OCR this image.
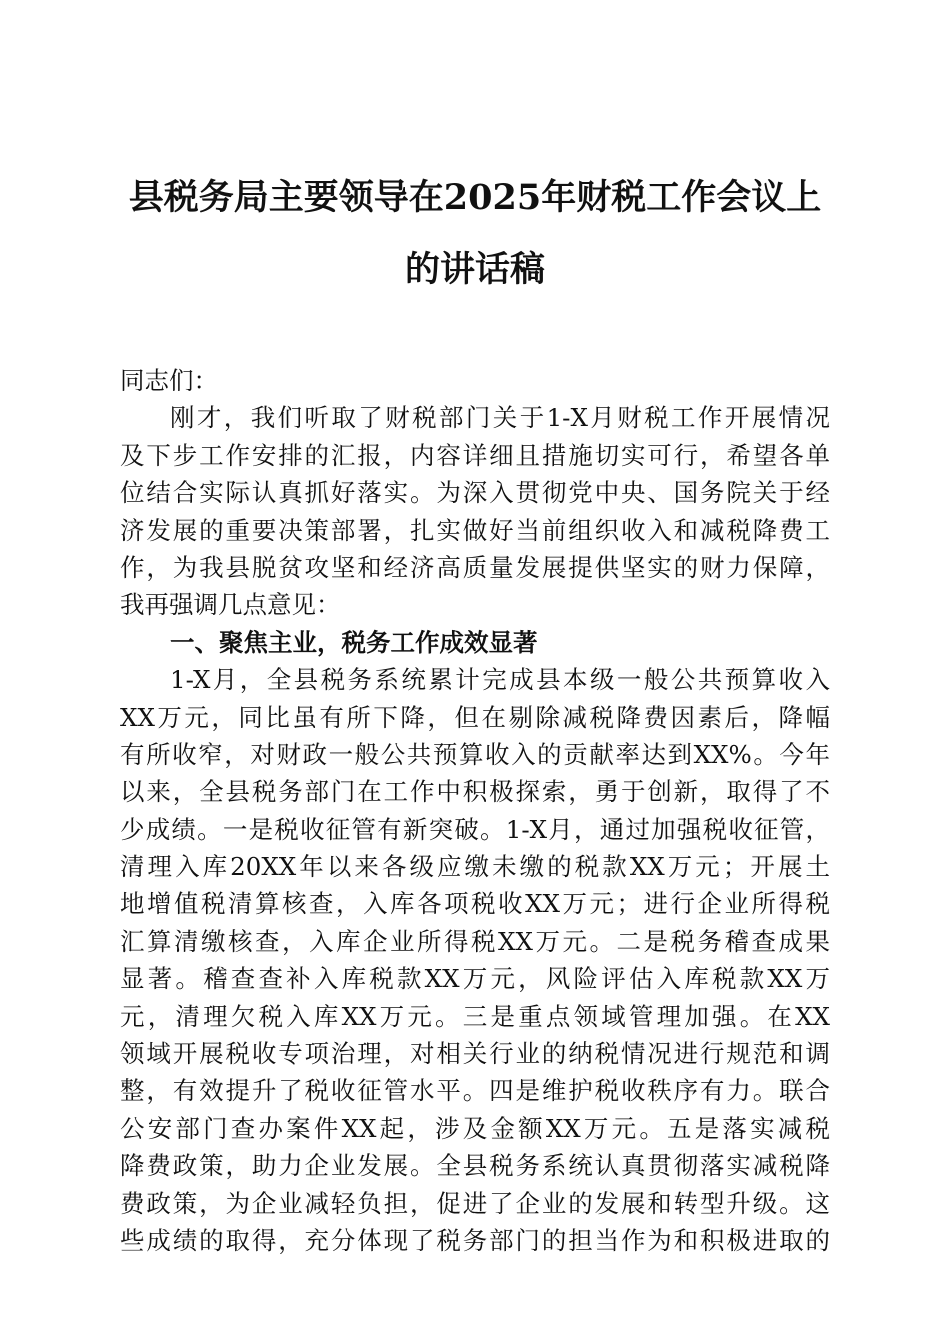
县税务局主要领导在2025年财税工作会议上
的讲话稿
同志们：
刚才，我们听取了财税部门关于1-X月财税工作开展情况
及下步工作安排的汇报，内容详细且措施切实可行，希望各单
位结合实际认真抓好落实。为深入贯彻党中央、国务院关于经
济发展的重要决策部署，扎实做好当前组织收入和减税降费工
作，为我县脱贫攻坚和经济高质量发展提供坚实的财力保障，
我再强调几点意见：
一、聚焦主业，税务工作成效显著
1-X月，全县税务系统累计完成县本级一般公共预算收入
XX万元，同比虽有所下降，但在剔除减税降费因素后，降幅
有所收窄，对财政一般公共预算收入的贡献率达到XX%。今年
以来，全县税务部门在工作中积极探索，勇于创新，取得了不
少成绩。一是税收征管有新突破。1-X月，通过加强税收征管，
清理入库20XX年以来各级应缴未缴的税款XX万元；开展土
地增值税清算核查，入库各项税收XX万元；进行企业所得税
汇算清缴核查，入库企业所得税XX万元。二是税务稽查成果
显著。稽查查补入库税款XX万元，风险评估入库税款XX万
元，清理欠税入库XX万元。三是重点领域管理加强。在XX
领域开展税收专项治理，对相关行业的纳税情况进行规范和调
整，有效提升了税收征管水平。四是维护税收秩序有力。联合
公安部门查办案件XX起，涉及金额XX万元。五是落实减税
降费政策，助力企业发展。全县税务系统认真贯彻落实减税降
费政策，为企业减轻负担，促进了企业的发展和转型升级。这
些成绩的取得，充分体现了税务部门的担当作为和积极进取的
